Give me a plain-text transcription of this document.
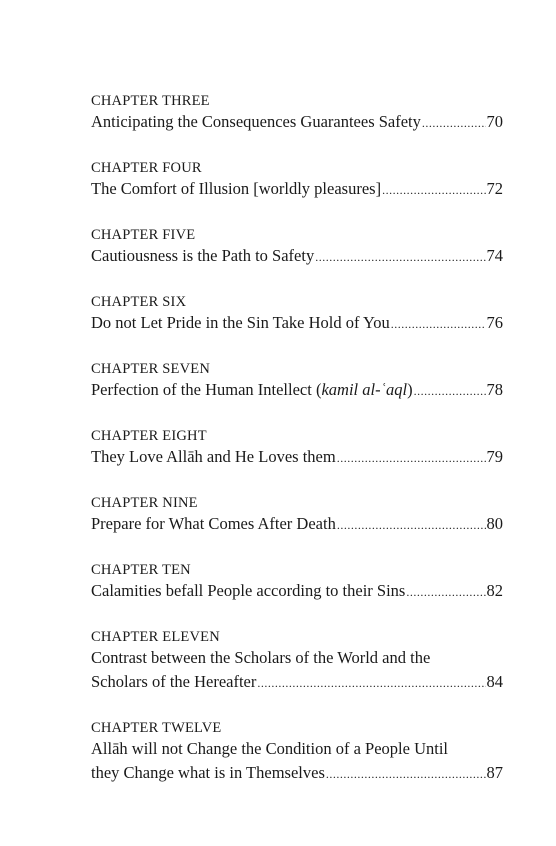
CHAPTER THREE
Anticipating the Consequences Guarantees Safety .....	70
CHAPTER FOUR
The Comfort of Illusion [worldly pleasures] .....	72
CHAPTER FIVE
Cautiousness is the Path to Safety .....	74
CHAPTER SIX
Do not Let Pride in the Sin Take Hold of You .....	76
CHAPTER SEVEN
Perfection of the Human Intellect (kamil al-ʿaql) .....	78
CHAPTER EIGHT
They Love Allāh and He Loves them .....	79
CHAPTER NINE
Prepare for What Comes After Death .....	80
CHAPTER TEN
Calamities befall People according to their Sins .....	82
CHAPTER ELEVEN
Contrast between the Scholars of the World and the
Scholars of the Hereafter .....	84
CHAPTER TWELVE
Allāh will not Change the Condition of a People Until
they Change what is in Themselves .....	87
